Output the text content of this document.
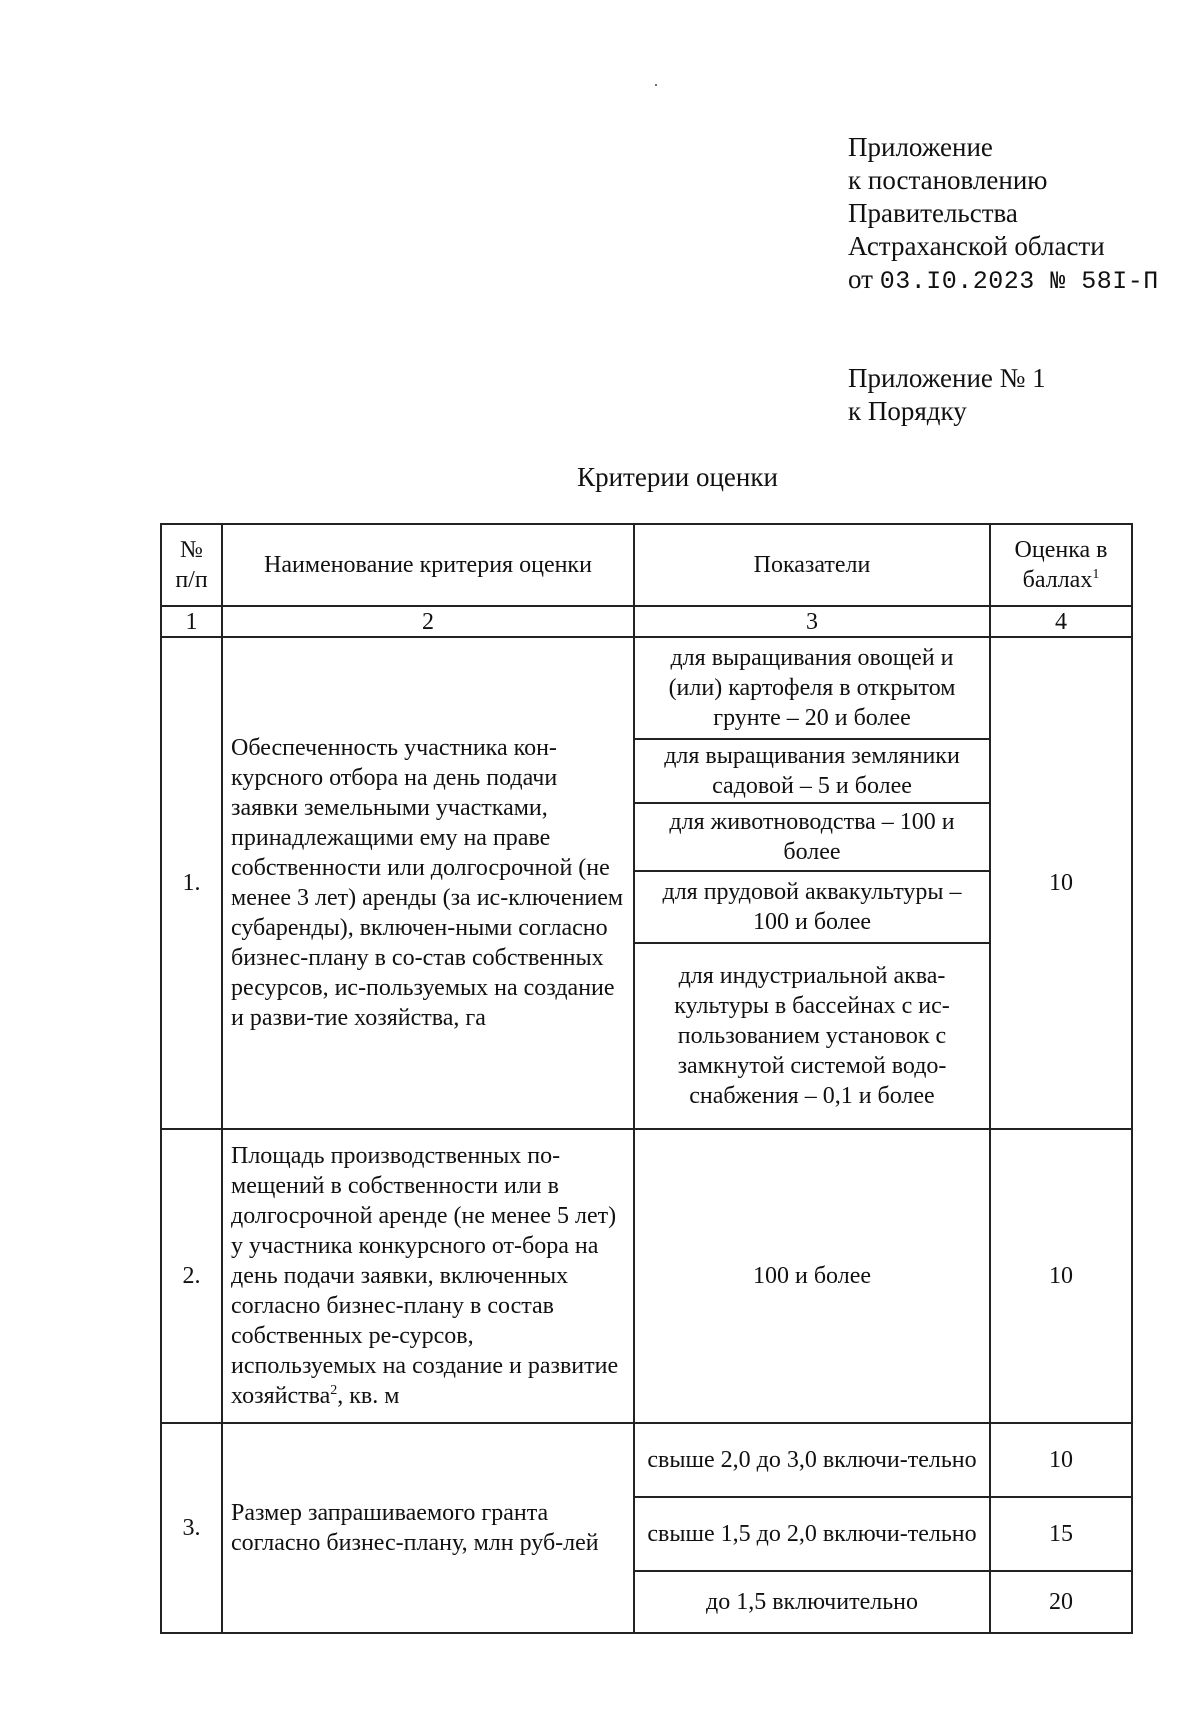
Приложение
к постановлению
Правительства
Астраханской области
от 03.I0.2023 № 58I-П
Приложение № 1
к Порядку
Критерии оценки
№ п/п	Наименование критерия оценки	Показатели	Оценка в баллах$^1$
1	2	3	4
1.	Обеспеченность участника кон-курсного отбора на день подачи заявки земельными участками, принадлежащими ему на праве собственности или долгосрочной (не менее 3 лет) аренды (за ис-ключением субаренды), включен-ными согласно бизнес-плану в со-став собственных ресурсов, ис-пользуемых на создание и разви-тие хозяйства, га	для выращивания овощей и (или) картофеля в открытом грунте – 20 и более	10
		для выращивания земляники садовой – 5 и более	
		для животноводства – 100 и более	
		для прудовой аквакультуры – 100 и более	
		для индустриальной аква-культуры в бассейнах с ис-пользованием установок с замкнутой системой водо-снабжения – 0,1 и более	
2.	Площадь производственных по-мещений в собственности или в долгосрочной аренде (не менее 5 лет) у участника конкурсного от-бора на день подачи заявки, включенных согласно бизнес-плану в состав собственных ре-сурсов, используемых на создание и развитие хозяйства$^2$, кв. м	100 и более	10
3.	Размер запрашиваемого гранта согласно бизнес-плану, млн руб-лей	свыше 2,0 до 3,0 включи-тельно	10
		свыше 1,5 до 2,0 включи-тельно	15
		до 1,5 включительно	20
